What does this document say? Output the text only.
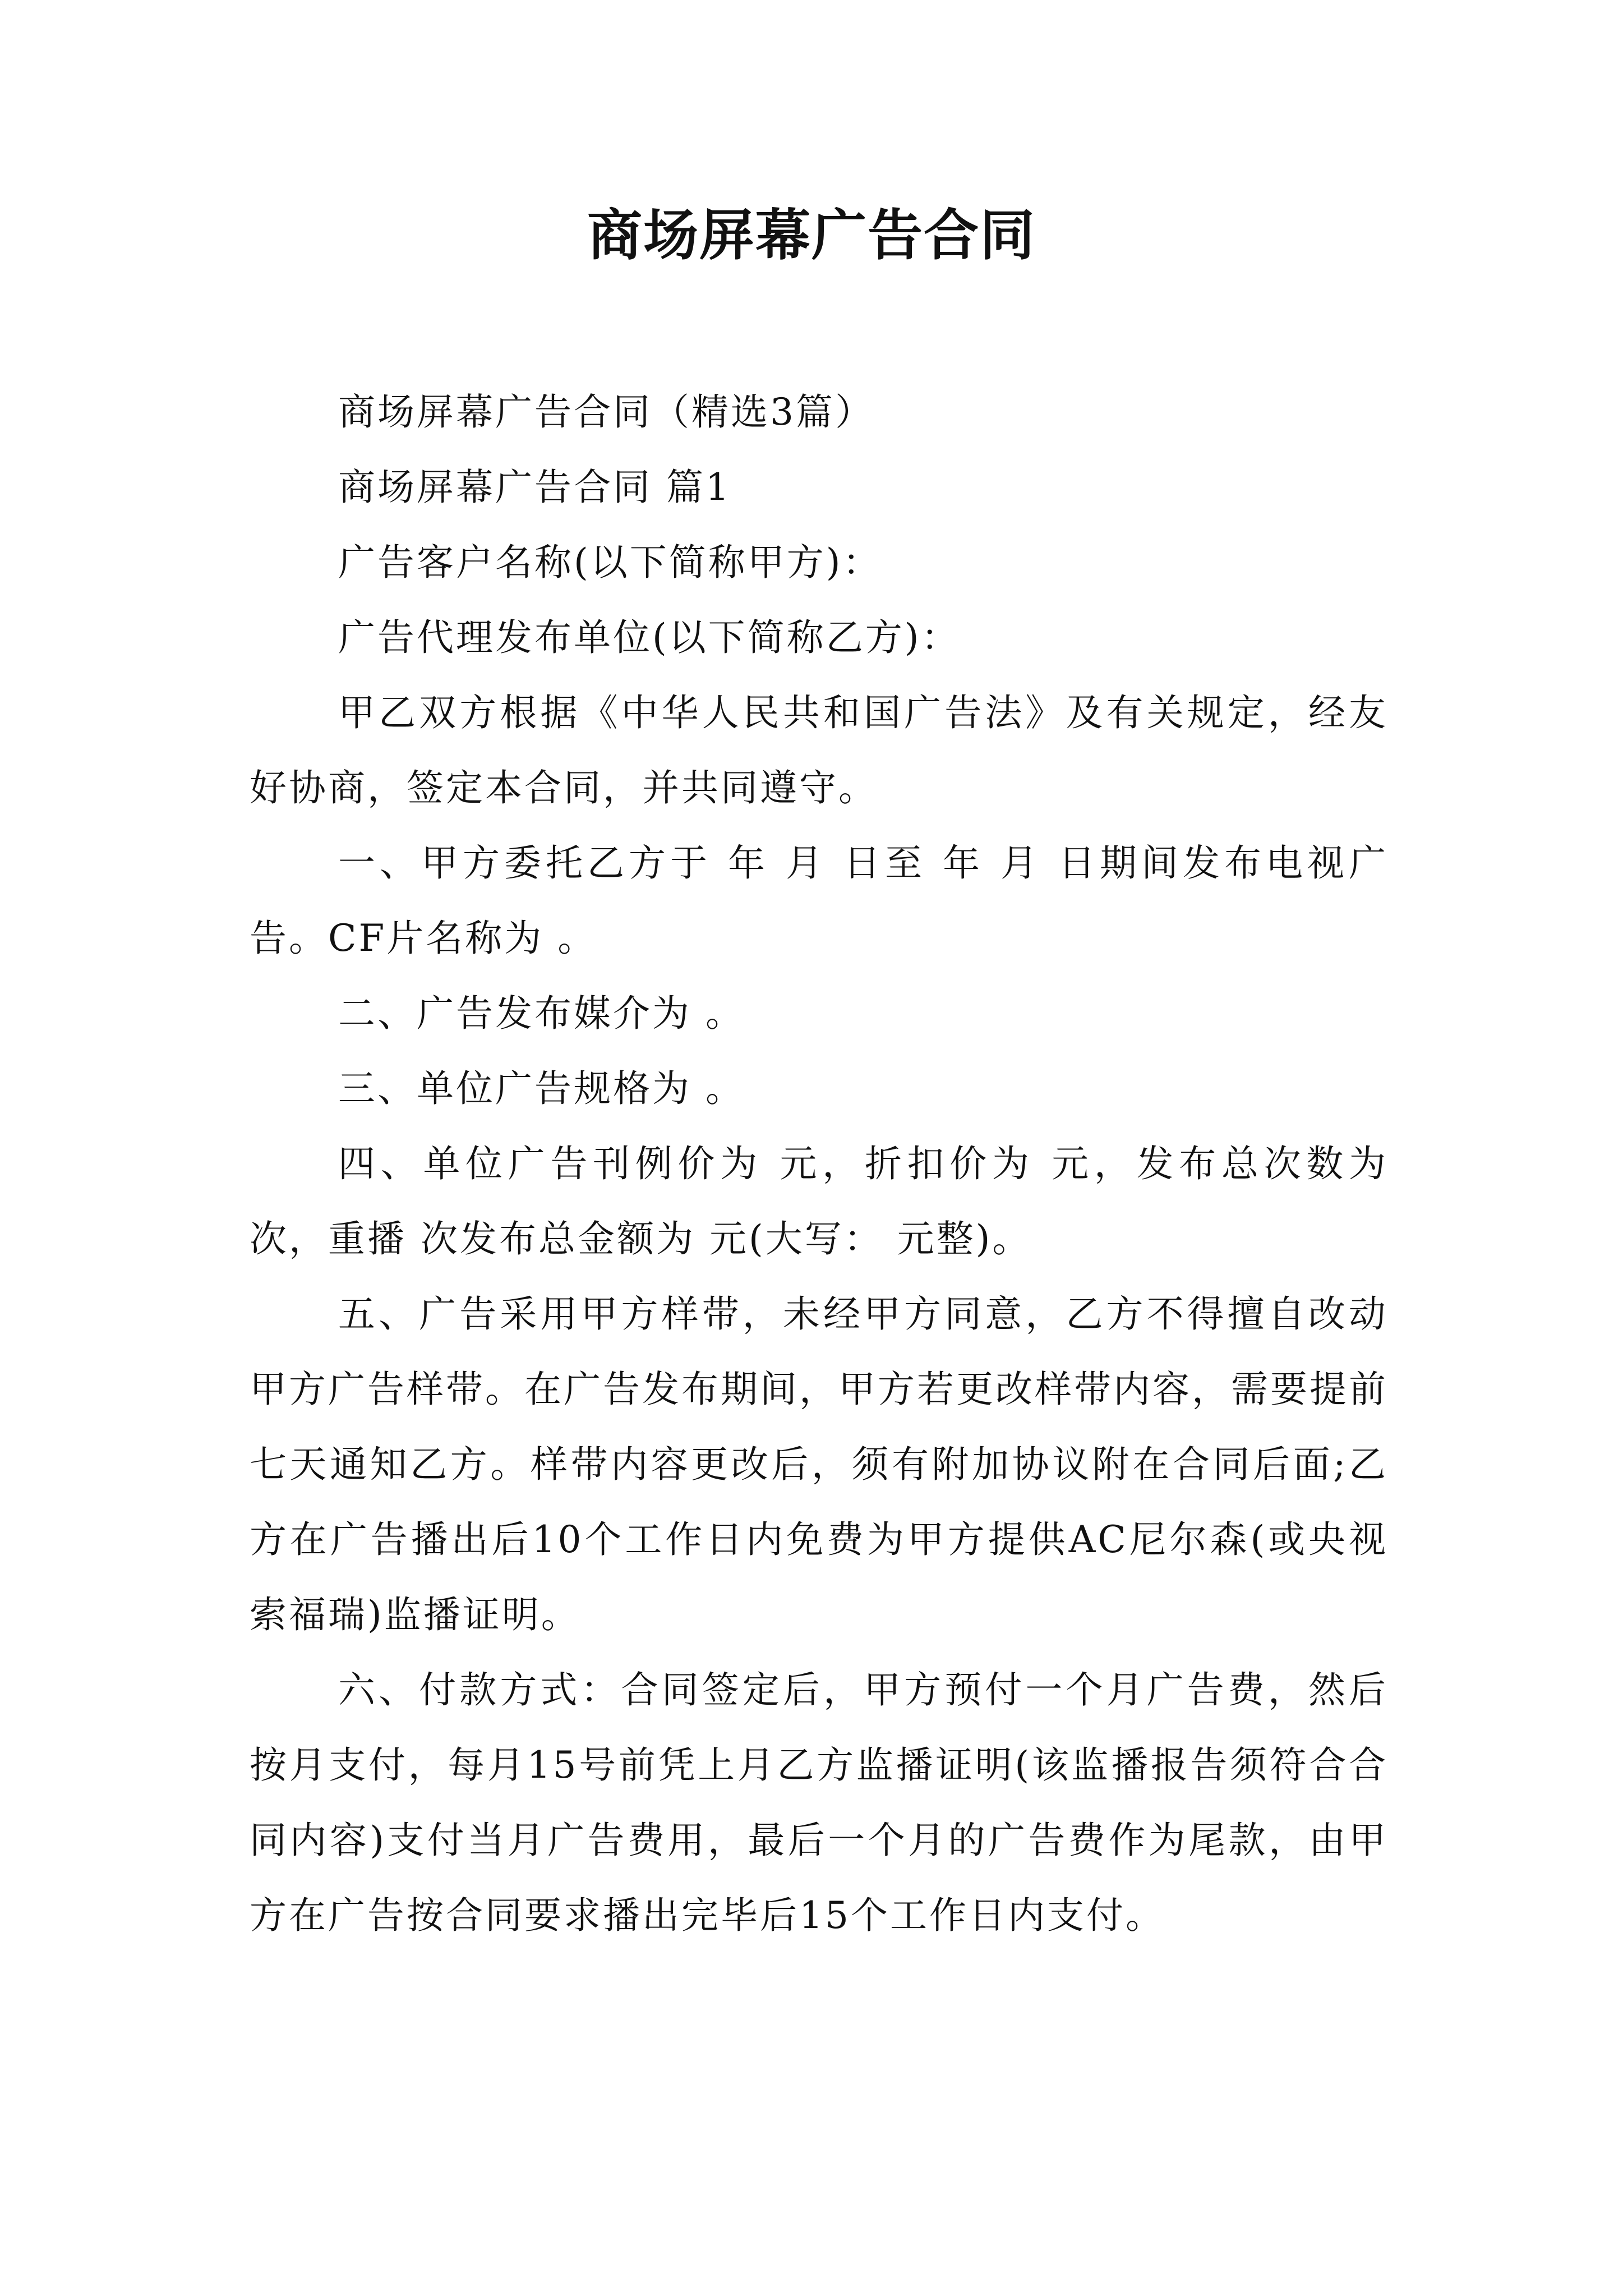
商场屏幕广告合同

商场屏幕广告合同（精选3篇）

商场屏幕广告合同 篇1

广告客户名称(以下简称甲方)：

广告代理发布单位(以下简称乙方)：

甲乙双方根据《中华人民共和国广告法》及有关规定，经友好协商，签定本合同，并共同遵守。

一、甲方委托乙方于 年 月 日至 年 月 日期间发布电视广告。CF片名称为 。

二、广告发布媒介为 。

三、单位广告规格为 。

四、单位广告刊例价为 元，折扣价为 元，发布总次数为 次，重播 次发布总金额为 元(大写： 元整)。

五、广告采用甲方样带，未经甲方同意，乙方不得擅自改动甲方广告样带。在广告发布期间，甲方若更改样带内容，需要提前七天通知乙方。样带内容更改后，须有附加协议附在合同后面;乙方在广告播出后10个工作日内免费为甲方提供AC尼尔森(或央视索福瑞)监播证明。

六、付款方式：合同签定后，甲方预付一个月广告费，然后按月支付，每月15号前凭上月乙方监播证明(该监播报告须符合合同内容)支付当月广告费用，最后一个月的广告费作为尾款，由甲方在广告按合同要求播出完毕后15个工作日内支付。
